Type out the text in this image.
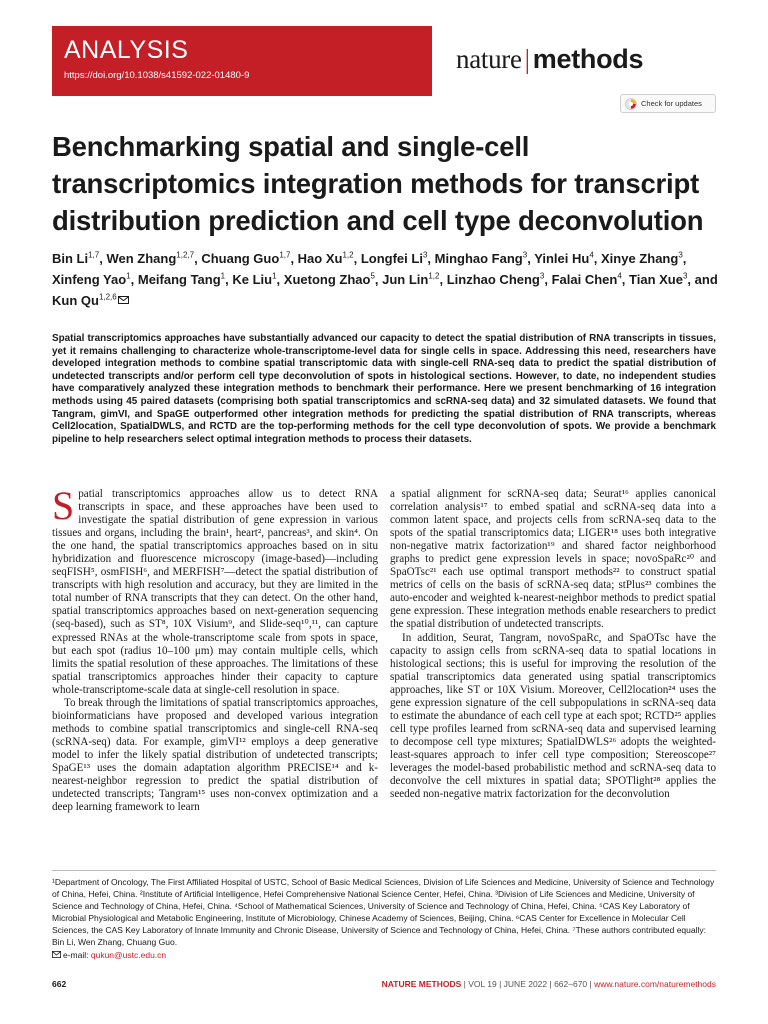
ANALYSIS
https://doi.org/10.1038/s41592-022-01480-9
nature | methods
Check for updates
Benchmarking spatial and single-cell transcriptomics integration methods for transcript distribution prediction and cell type deconvolution
Bin Li$^{1,7}$, Wen Zhang$^{1,2,7}$, Chuang Guo$^{1,7}$, Hao Xu$^{1,2}$, Longfei Li$^3$, Minghao Fang$^3$, Yinlei Hu$^4$, Xinye Zhang$^3$, Xinfeng Yao$^1$, Meifang Tang$^1$, Ke Liu$^1$, Xuetong Zhao$^5$, Jun Lin$^{1,2}$, Linzhao Cheng$^3$, Falai Chen$^4$, Tian Xue$^3$, and Kun Qu$^{1,2,6}$

Spatial transcriptomics approaches have substantially advanced our capacity to detect the spatial distribution of RNA transcripts in tissues, yet it remains challenging to characterize whole-transcriptome-level data for single cells in space. Addressing this need, researchers have developed integration methods to combine spatial transcriptomic data with single-cell RNA-seq data to predict the spatial distribution of undetected transcripts and/or perform cell type deconvolution of spots in histological sections. However, to date, no independent studies have comparatively analyzed these integration methods to benchmark their performance. Here we present benchmarking of 16 integration methods using 45 paired datasets (comprising both spatial transcriptomics and scRNA-seq data) and 32 simulated datasets. We found that Tangram, gimVI, and SpaGE outperformed other integration methods for predicting the spatial distribution of RNA transcripts, whereas Cell2location, SpatialDWLS, and RCTD are the top-performing methods for the cell type deconvolution of spots. We provide a benchmark pipeline to help researchers select optimal integration methods to process their datasets.

Spatial transcriptomics approaches allow us to detect RNA transcripts in space, and these approaches have been used to investigate the spatial distribution of gene expression in various tissues and organs, including the brain¹, heart², pancreas³, and skin⁴. On the one hand, the spatial transcriptomics approaches based on in situ hybridization and fluorescence microscopy (image-based)—including seqFISH⁵, osmFISH⁶, and MERFISH⁷—detect the spatial distribution of transcripts with high resolution and accuracy, but they are limited in the total number of RNA transcripts that they can detect. On the other hand, spatial transcriptomics approaches based on next-generation sequencing (seq-based), such as ST⁸, 10X Visium⁹, and Slide-seq¹⁰,¹¹, can capture expressed RNAs at the whole-transcriptome scale from spots in space, but each spot (radius 10–100 μm) may contain multiple cells, which limits the spatial resolution of these approaches. The limitations of these spatial transcriptomics approaches hinder their capacity to capture whole-transcriptome-scale data at single-cell resolution in space.

To break through the limitations of spatial transcriptomics approaches, bioinformaticians have proposed and developed various integration methods to combine spatial transcriptomics and single-cell RNA-seq (scRNA-seq) data. For example, gimVI¹² employs a deep generative model to infer the likely spatial distribution of undetected transcripts; SpaGE¹³ uses the domain adaptation algorithm PRECISE¹⁴ and k-nearest-neighbor regression to predict the spatial distribution of undetected transcripts; Tangram¹⁵ uses non-convex optimization and a deep learning framework to learn

a spatial alignment for scRNA-seq data; Seurat¹⁶ applies canonical correlation analysis¹⁷ to embed spatial and scRNA-seq data into a common latent space, and projects cells from scRNA-seq data to the spots of the spatial transcriptomics data; LIGER¹⁸ uses both integrative non-negative matrix factorization¹⁹ and shared factor neighborhood graphs to predict gene expression levels in space; novoSpaRc²⁰ and SpaOTsc²¹ each use optimal transport methods²² to construct spatial metrics of cells on the basis of scRNA-seq data; stPlus²³ combines the auto-encoder and weighted k-nearest-neighbor methods to predict spatial gene expression. These integration methods enable researchers to predict the spatial distribution of undetected transcripts.

In addition, Seurat, Tangram, novoSpaRc, and SpaOTsc have the capacity to assign cells from scRNA-seq data to spatial locations in histological sections; this is useful for improving the resolution of the spatial transcriptomics data generated using spatial transcriptomics approaches, like ST or 10X Visium. Moreover, Cell2location²⁴ uses the gene expression signature of the cell subpopulations in scRNA-seq data to estimate the abundance of each cell type at each spot; RCTD²⁵ applies cell type profiles learned from scRNA-seq data and supervised learning to decompose cell type mixtures; SpatialDWLS²⁶ adopts the weighted-least-squares approach to infer cell type composition; Stereoscope²⁷ leverages the model-based probabilistic method and scRNA-seq data to deconvolve the cell mixtures in spatial data; SPOTlight²⁸ applies the seeded non-negative matrix factorization for the deconvolution

¹Department of Oncology, The First Affiliated Hospital of USTC, School of Basic Medical Sciences, Division of Life Sciences and Medicine, University of Science and Technology of China, Hefei, China. ²Institute of Artificial Intelligence, Hefei Comprehensive National Science Center, Hefei, China. ³Division of Life Sciences and Medicine, University of Science and Technology of China, Hefei, China. ⁴School of Mathematical Sciences, University of Science and Technology of China, Hefei, China. ⁵CAS Key Laboratory of Microbial Physiological and Metabolic Engineering, Institute of Microbiology, Chinese Academy of Sciences, Beijing, China. ⁶CAS Center for Excellence in Molecular Cell Sciences, the CAS Key Laboratory of Innate Immunity and Chronic Disease, University of Science and Technology of China, Hefei, China. ⁷These authors contributed equally: Bin Li, Wen Zhang, Chuang Guo.
e-mail: qukun@ustc.edu.cn
662	NATURE METHODS | VOL 19 | JUNE 2022 | 662–670 | www.nature.com/naturemethods
